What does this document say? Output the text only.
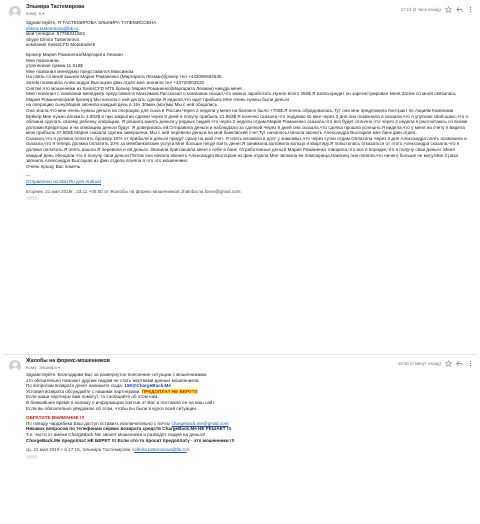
Эльмира Тастемирова
Кому: я ▾
17:13 (2 часа назад)

Здравствуйте, Я ТАСТЕМИРОВА ЭЛЬМИРА ТУЛЕМИСОВНА.

elmira.tastemirova@bk.ru

мой телефон: 87756241504

Skype Elmira Tastemirova

компания SwissCFD Metatrader5

Брокер Мария Романенко/Маргарита Лехман.

Мне позвонили.

утраченная сумма 11 618$

Мне позвонил менеджер представился Максимом.

На связь со мной вышли Мария Романенко (Маргарита Лехман)брокер тел.+442080692535.

Затем позвонила Александра Высоцкая фин.отдел.мне звонили тел +43720002532

Снятие.что мошенники из SwissCFD MT5 брокер Мария Романенко(Маргарита Лехман) никуда меня.

Мне позвонил с компании менеджер представился Максимом.Рассказал о компании.сказал,что можно заработать.Нужно всего 250$.Я взяла кредит он зарегистрировал меня.Затем со мной связалась Мария Романенко(мой брокер).Мы начали с ней делать сделки.Я видела,что идет прибыль.Мне очень нужны были деньги

на операцию сыну.Мария звонила каждый день в 15ч 30мин.(мск)мы:Мы с ней общались.

Она знала,что мне очень нужны деньги на операцию для сына в России.Через 2 недели у меня на балансе было +700$.Я очень обрадовалась.Тут она мне предложила Контракт по Акциям Компании Бейкер.Мне нужно вложить 4.802$ и при закрытии сделки через 8 дней я получу прибыль 21.963$.Я конечно сказала,что подумаю ко мне через 3 дня она позвонила и сказала,что я упускаю свой шанс,что я обязана сделать своему ребенку операцию. Я решила,занять деньги у родных людей.что через 2 недели отдам.Мария Романенко сказала,что вся будет отлично,что через 2 недели я рассчитаюсь со всеми долгами.Кредиторы и на операцию деньги будут. Я доверилась ей.Отправила деньги и наблюдала за сделкой.Через 8 дней она сказала,что сделка прошла успешно.Я видела,что у меня на счету я видела мою прибыль 27.565$.Мария сказала сделка завершена. Мы с ней перевели деньги на мой банковский счет.Тут началось.Начала звонить Александра Высоцкая мне банк фин.отдел.

Сказала,что я должна оплатить брокеру 15% от прибыли и деньги придут сразу на мой счет. Я опять вложила в долг у знакомых,что через сутки отдам.Оплатила.Через 2 дня Александра опять позвонила и сказала,что я теперь должна оплатить 10% за межбанковские услуги.Мне больше негде взять денег.Я занимала,заложила кольцо и квартиру.Я попыталась отказаться от этого Александра сказала,что я должна оплатить.Я опять нашла.Я перевела и ей деньги. Звонили приглашала меня к себе в банк. Отработанные деньги Мария Романенко говорила,что все в порядке,что я получу свои деньги. Меня каждый день обещали,что я получу свои деньги.Потом она начала звонить Александра Высоцкая из фин.отдела.Мне звонила ее помощница.Наконец они поняли,что ничего больше не могу.Мне 3 раза звонила Александра Высоцкая из фин отдела поняла я,что это мошенники.

Очень прошу Вас помочь

—
Отправлено из Mail.Ru для Android

вторник, 21 мая 2019г., 23:11 +06:00 от Жалобы на форекс-мошенников zhaloba.na.forex@gmail.com:

···
Жалобы на форекс-мошенников
Кому: Эльмира ▾
16:48 (0 минут назад)

Здравствуйте. Благодарим Вас за развернутое пояснение ситуации с мошенниками.

это обязательно поможет другим людям не стать жертвами данных мошенников.

По вопросам возврата денег напишите сюда: 159@ChargeBack.Me

Условия возврата обсуждайте с нашими партнерами. ПРЕДОПЛАТ НЕ БЕРУТ!!

Если наши партнеры вам помогут, то сообщайте об этом нам.

В ближайшее время я напишу о информацию взятые от Вас и поставлю ее на наш сайт.

Если вы обязательно уведомлю об этом, чтобы вы были в курсе всей ситуации.

ОБРАТИТЕ ВНИМАНИЕ !!!

По поводу чарджбека Ваш доступ оставить исключительно с почты chargeback.me@gmail.com

Никаких вопросов по телефонам сервис возврата средств ChargeBack.Me НЕ РЕШАЕТ !!!

Т.е. часто от имени ChargeBack.Me звонят мошенники и разводят людей на деньги!

ChargeBack.Me предоплат НЕ БЕРЕТ !!! Если что-то просит предоплату - это мошенники !!!

ср, 22 мая 2019 г. в 17:15, Эльмира Тастемирова <elmira.tastemirova@bk.ru>:

···
